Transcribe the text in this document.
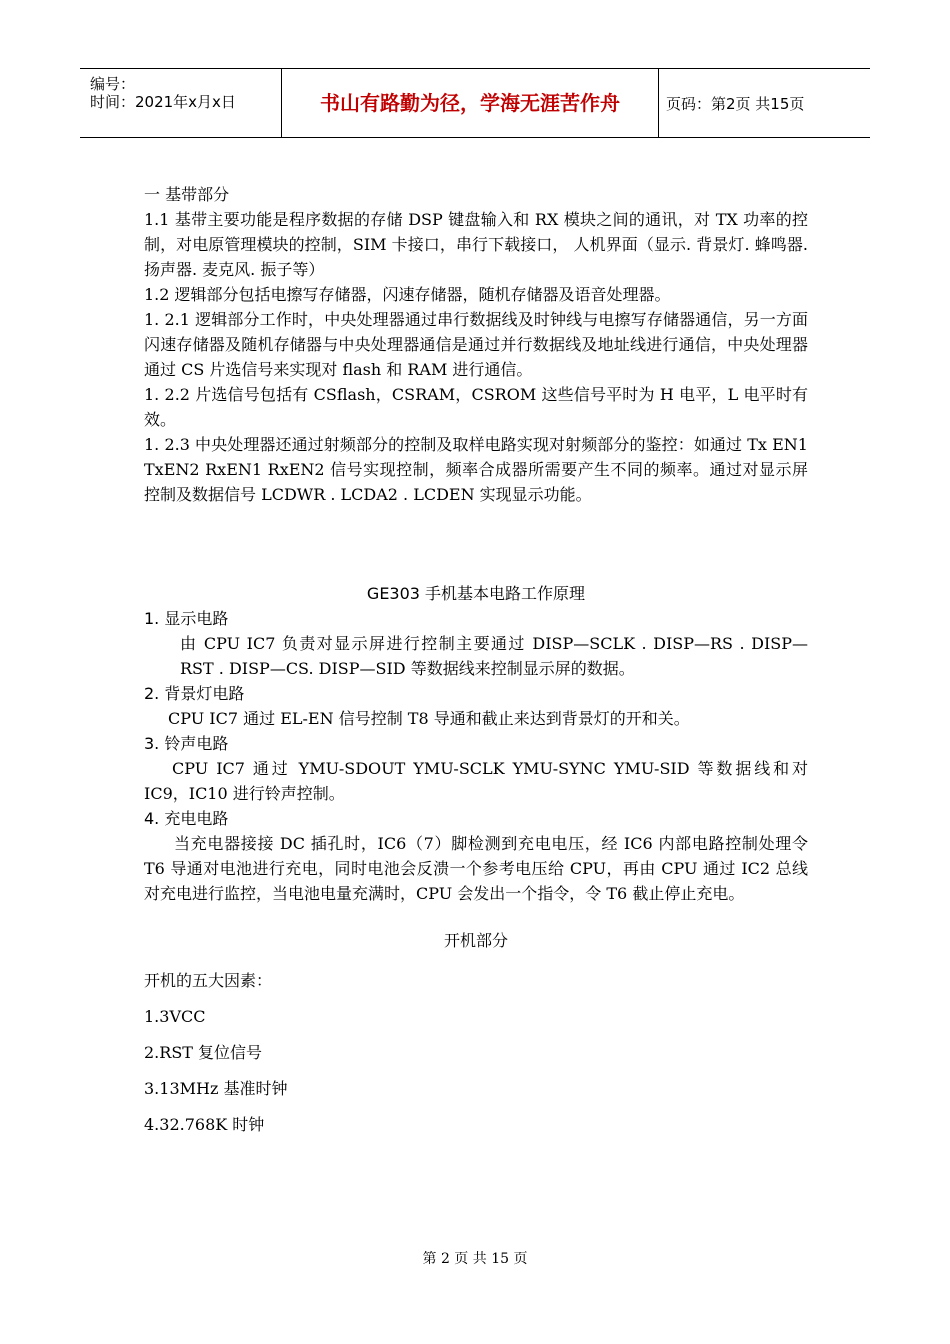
编号：
时间：2021年x月x日	书山有路勤为径，学海无涯苦作舟	页码：第2页 共15页

一 基带部分

1.1 基带主要功能是程序数据的存储 DSP 键盘输入和 RX 模块之间的通讯，对 TX 功率的控制，对电原管理模块的控制，SIM 卡接口，串行下载接口， 人机界面（显示. 背景灯. 蜂鸣器. 扬声器. 麦克风. 振子等）

1.2 逻辑部分包括电擦写存储器，闪速存储器，随机存储器及语音处理器。

1. 2.1 逻辑部分工作时，中央处理器通过串行数据线及时钟线与电擦写存储器通信，另一方面闪速存储器及随机存储器与中央处理器通信是通过并行数据线及地址线进行通信，中央处理器通过 CS 片选信号来实现对 flash 和 RAM 进行通信。

1. 2.2 片选信号包括有 CSflash，CSRAM，CSROM 这些信号平时为 H 电平，L 电平时有效。

1. 2.3 中央处理器还通过射频部分的控制及取样电路实现对射频部分的鉴控：如通过 Tx EN1 TxEN2 RxEN1 RxEN2 信号实现控制，频率合成器所需要产生不同的频率。通过对显示屏控制及数据信号 LCDWR . LCDA2 . LCDEN 实现显示功能。

GE303 手机基本电路工作原理

1. 显示电路

由 CPU IC7 负责对显示屏进行控制主要通过 DISP—SCLK . DISP—RS . DISP—RST . DISP—CS. DISP—SID 等数据线来控制显示屏的数据。

2. 背景灯电路

CPU IC7 通过 EL-EN 信号控制 T8 导通和截止来达到背景灯的开和关。

3. 铃声电路

CPU IC7 通过 YMU-SDOUT YMU-SCLK YMU-SYNC YMU-SID 等数据线和对 IC9，IC10 进行铃声控制。

4. 充电电路

当充电器接接 DC 插孔时，IC6（7）脚检测到充电电压，经 IC6 内部电路控制处理令 T6 导通对电池进行充电，同时电池会反溃一个参考电压给 CPU，再由 CPU 通过 IC2 总线对充电进行监控，当电池电量充满时，CPU 会发出一个指令，令 T6 截止停止充电。

开机部分

开机的五大因素：

1.3VCC

2.RST 复位信号

3.13MHz 基准时钟

4.32.768K 时钟

第 2 页 共 15 页
